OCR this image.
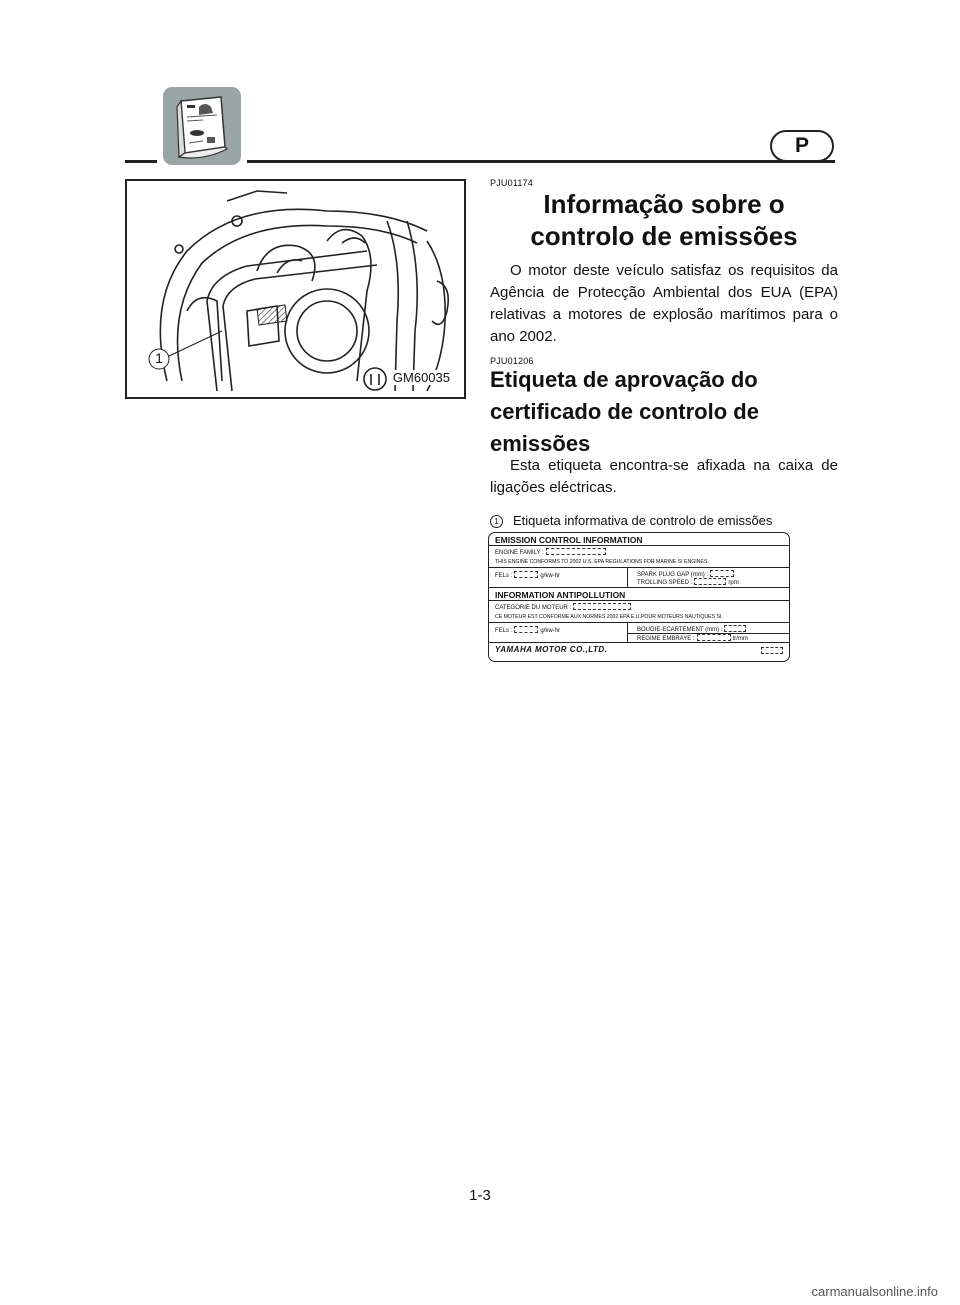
P
1
GM60035
PJU01174
Informação sobre o controlo de emissões

O motor deste veículo satisfaz os requisitos da Agência de Protecção Ambiental dos EUA (EPA) relativas a motores de explosão marítimos para o ano 2002.

PJU01206
Etiqueta de aprovação do certificado de controlo de emissões

Esta etiqueta encontra-se afixada na caixa de ligações eléctricas.

1 Etiqueta informativa de controlo de emissões
EMISSION CONTROL INFORMATION
ENGINE FAMILY :
THIS ENGINE CONFORMS TO 2002 U.S. EPA REGULATIONS FOR MARINE SI ENGINES.
FELs :	g/kw-hr	SPARK PLUG GAP (mm) :
TROLLING SPEED :	rpm
INFORMATION ANTIPOLLUTION
CATEGORIE DU MOTEUR :
CE MOTEUR EST CONFORME AUX NORMES 2002 EPA E.U.POUR MOTEURS NAUTIQUES SI.
FELs :	g/kw-hr	BOUGIE-ECARTEMENT (mm) :
REGIME EMBRAYE :	tr/mm
YAMAHA MOTOR CO.,LTD.
1-3
carmanualsonline.info
